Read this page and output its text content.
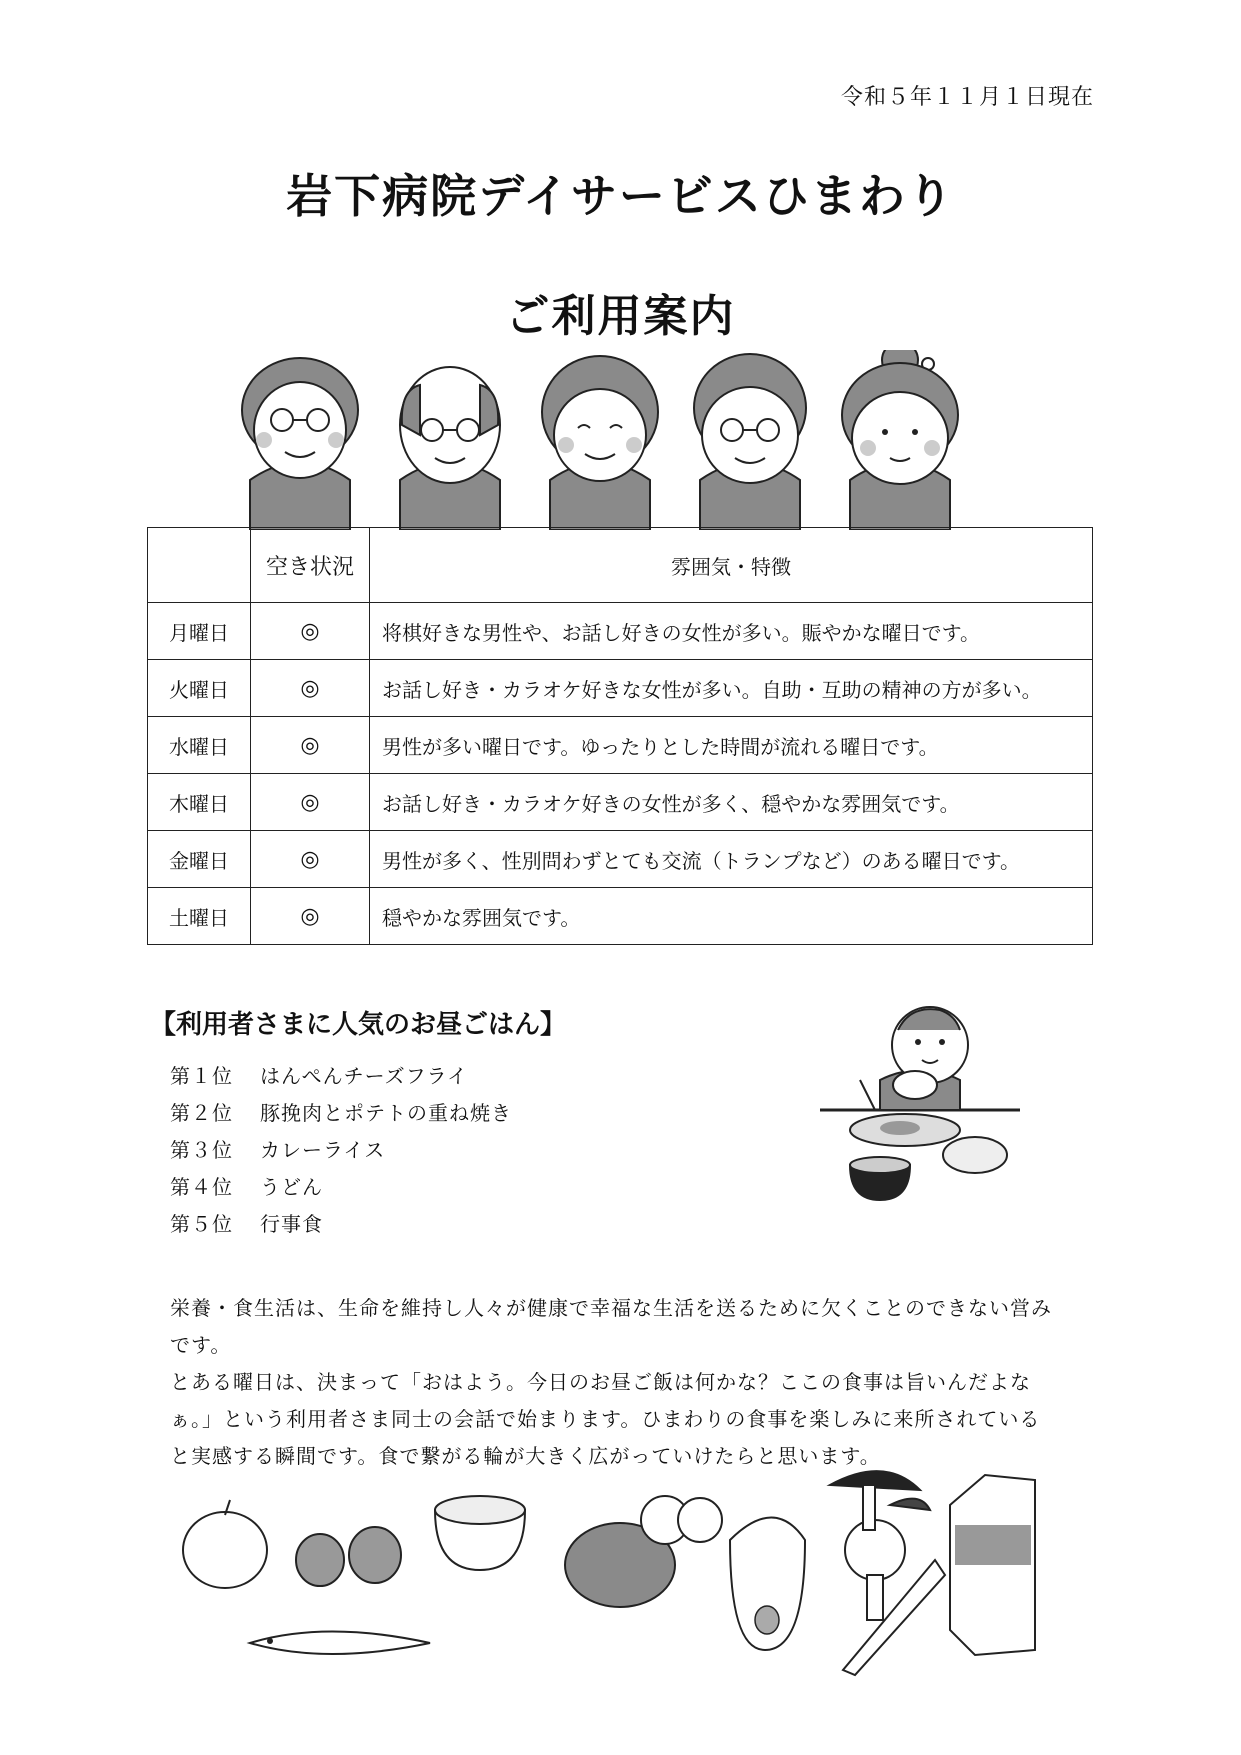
令和５年１１月１日現在
岩下病院デイサービスひまわり
ご利用案内
	空き状況	雰囲気・特徴
月曜日	◎	将棋好きな男性や、お話し好きの女性が多い。賑やかな曜日です。
火曜日	◎	お話し好き・カラオケ好きな女性が多い。自助・互助の精神の方が多い。
水曜日	◎	男性が多い曜日です。ゆったりとした時間が流れる曜日です。
木曜日	◎	お話し好き・カラオケ好きの女性が多く、穏やかな雰囲気です。
金曜日	◎	男性が多く、性別問わずとても交流（トランプなど）のある曜日です。
土曜日	◎	穏やかな雰囲気です。
【利用者さまに人気のお昼ごはん】
第１位 はんぺんチーズフライ
第２位 豚挽肉とポテトの重ね焼き
第３位 カレーライス
第４位 うどん
第５位 行事食
栄養・食生活は、生命を維持し人々が健康で幸福な生活を送るために欠くことのできない営み
です。
とある曜日は、決まって「おはよう。今日のお昼ご飯は何かな？ここの食事は旨いんだよな
ぁ。」という利用者さま同士の会話で始まります。ひまわりの食事を楽しみに来所されている
と実感する瞬間です。食で繋がる輪が大きく広がっていけたらと思います。
